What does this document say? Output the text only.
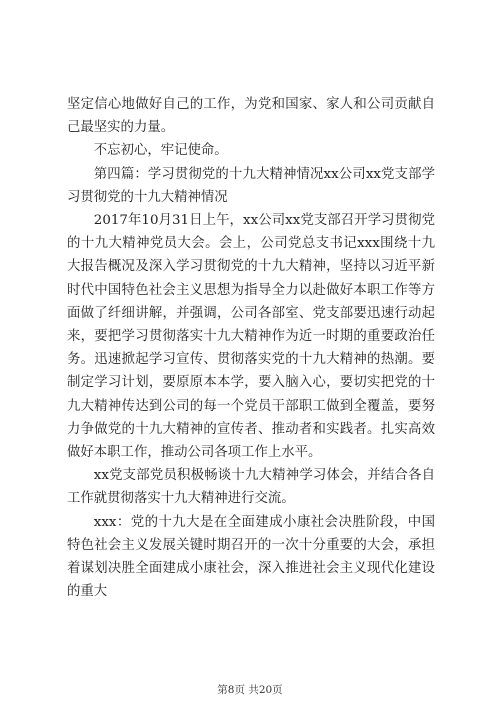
坚定信心地做好自己的工作，为党和国家、家人和公司贡献自己最坚实的力量。

不忘初心，牢记使命。

第四篇：学习贯彻党的十九大精神情况xx公司xx党支部学习贯彻党的十九大精神情况

2017年10月31日上午，xx公司xx党支部召开学习贯彻党的十九大精神党员大会。会上，公司党总支书记xxx围绕十九大报告概况及深入学习贯彻党的十九大精神，坚持以习近平新时代中国特色社会主义思想为指导全力以赴做好本职工作等方面做了纤细讲解，并强调，公司各部室、党支部要迅速行动起来，要把学习贯彻落实十九大精神作为近一时期的重要政治任务。迅速掀起学习宣传、贯彻落实党的十九大精神的热潮。要制定学习计划，要原原本本学，要入脑入心，要切实把党的十九大精神传达到公司的每一个党员干部职工做到全覆盖，要努力争做党的十九大精神的宣传者、推动者和实践者。扎实高效做好本职工作，推动公司各项工作上水平。

xx党支部党员积极畅谈十九大精神学习体会，并结合各自工作就贯彻落实十九大精神进行交流。

xxx：党的十九大是在全面建成小康社会决胜阶段，中国特色社会主义发展关键时期召开的一次十分重要的大会，承担着谋划决胜全面建成小康社会，深入推进社会主义现代化建设的重大

第8页 共20页
